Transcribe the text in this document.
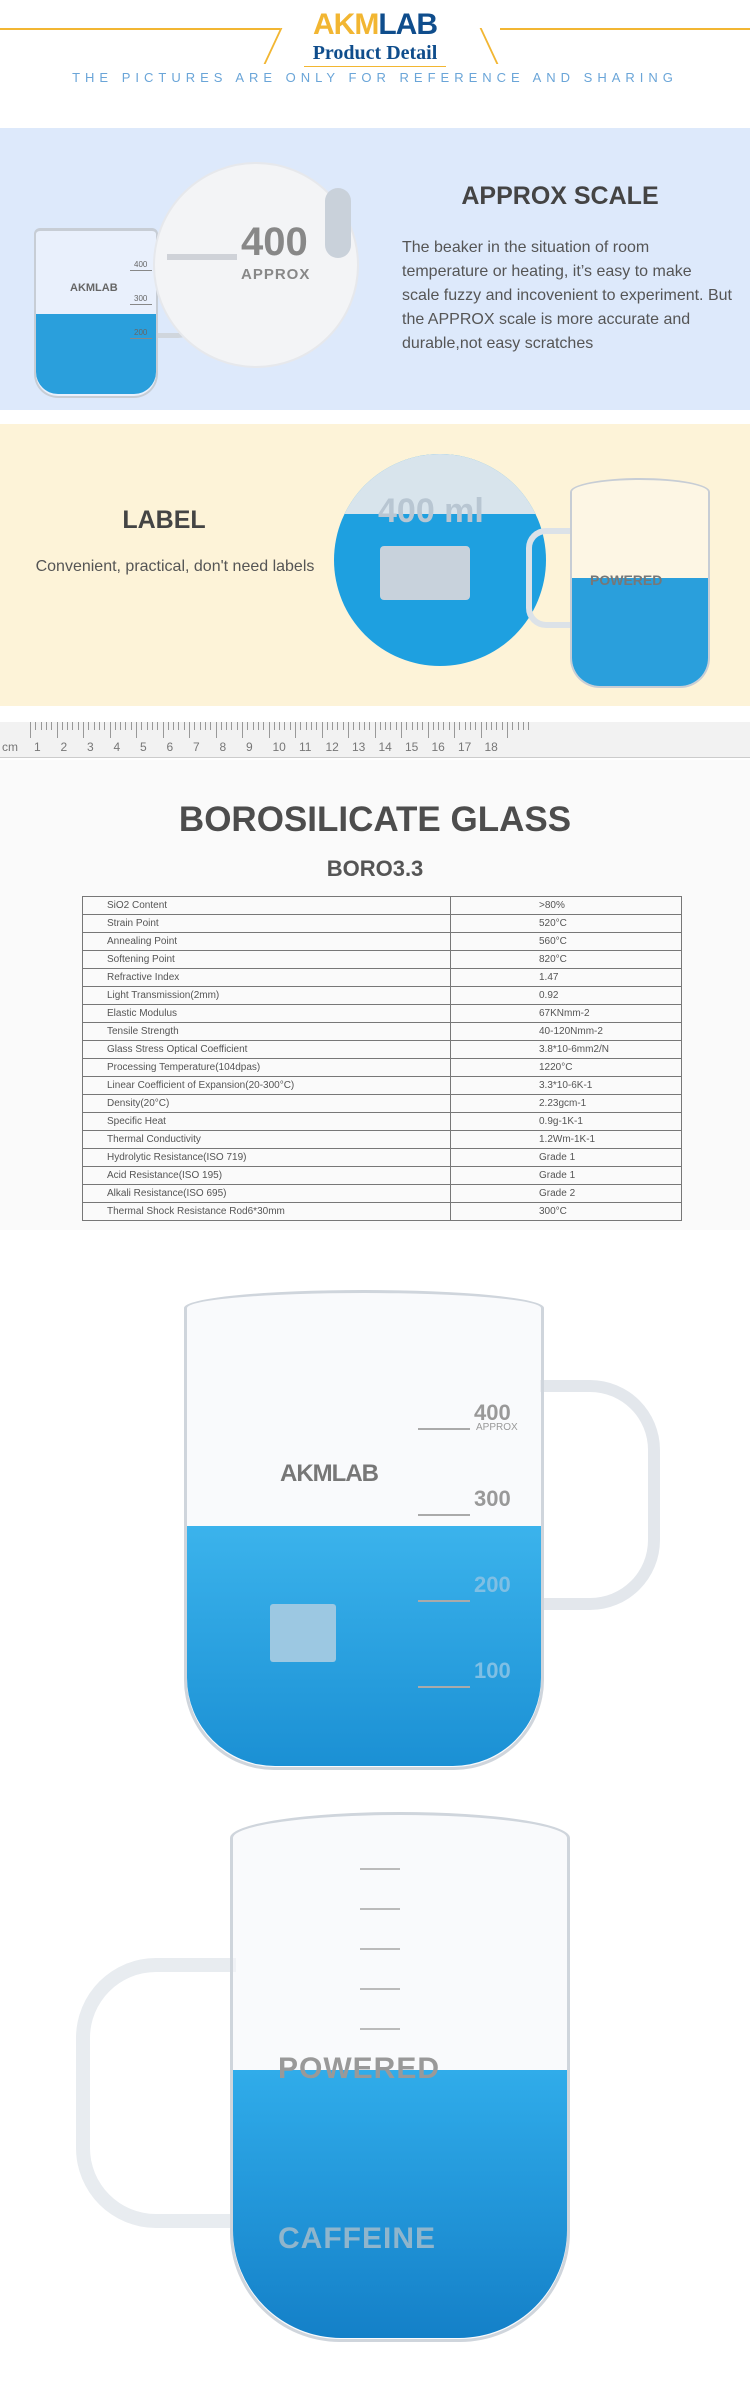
AKMLAB
Product Detail
THE PICTURES ARE ONLY FOR REFERENCE AND SHARING
AKMLAB
400
300
200
400
APPROX
APPROX SCALE

The beaker in the situation of room temperature or heating, it’s easy to make scale fuzzy and incovenient to experiment. But the APPROX scale is more accurate and durable,not easy scratches

LABEL

Convenient, practical, don't need labels

400 ml
POWERED
cm 1 2 3 4 5 6 7 8 9 10 11 12 13 14 15 16 17 18
BOROSILICATE GLASS
BORO3.3
SiO2 Content	>80%
Strain Point	520°C
Annealing Point	560°C
Softening Point	820°C
Refractive Index	1.47
Light Transmission(2mm)	0.92
Elastic Modulus	67KNmm-2
Tensile Strength	40-120Nmm-2
Glass Stress Optical Coefficient	3.8*10-6mm2/N
Processing Temperature(104dpas)	1220°C
Linear Coefficient of Expansion(20-300°C)	3.3*10-6K-1
Density(20°C)	2.23gcm-1
Specific Heat	0.9g-1K-1
Thermal Conductivity	1.2Wm-1K-1
Hydrolytic Resistance(ISO 719)	Grade 1
Acid Resistance(ISO 195)	Grade 1
Alkali Resistance(ISO 695)	Grade 2
Thermal Shock Resistance Rod6*30mm	300°C
AKMLAB
400
APPROX
300
200
100
POWERED
CAFFEINE
